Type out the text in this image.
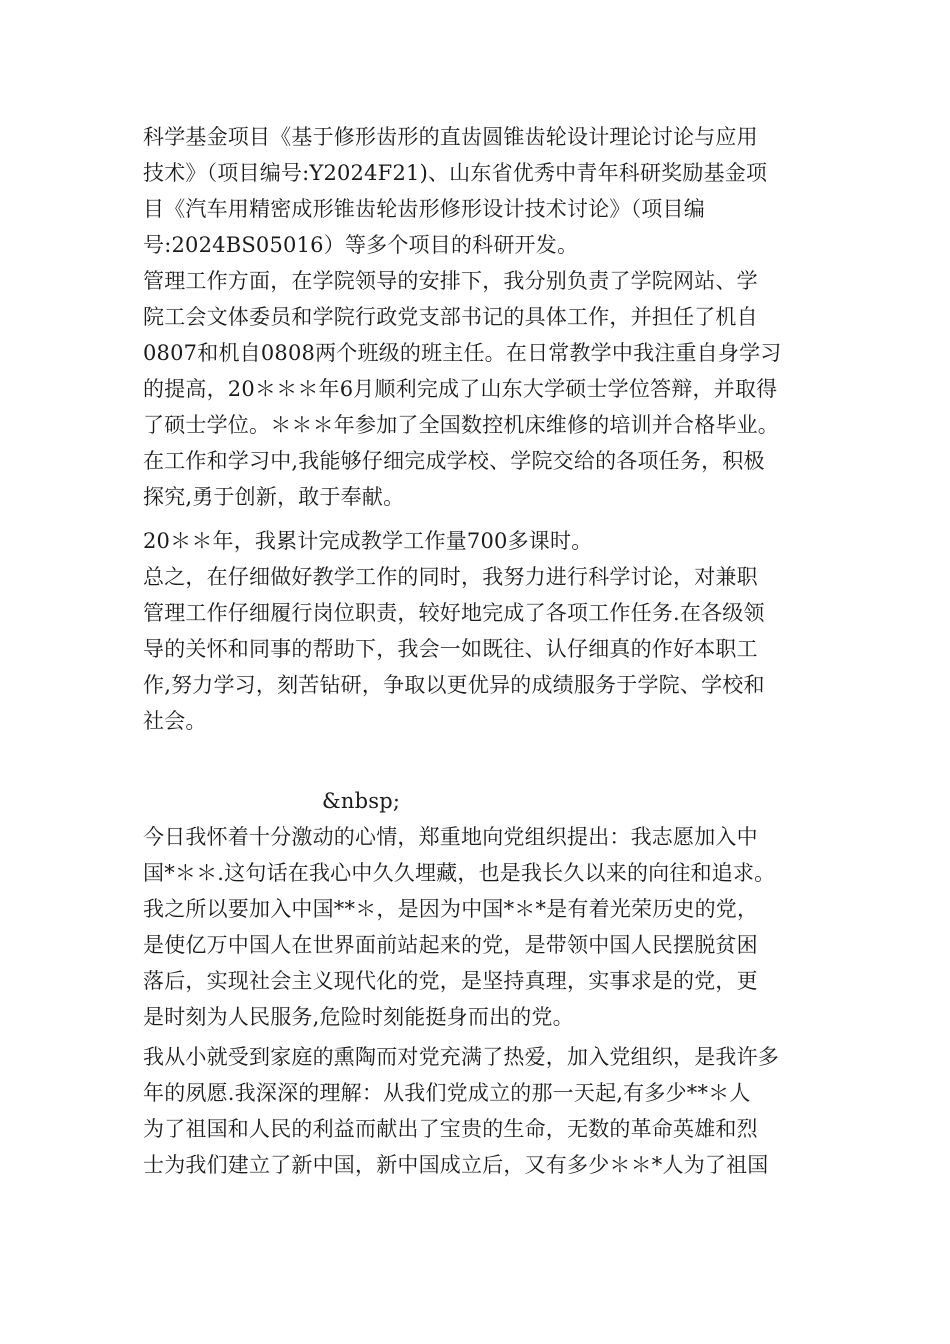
科学基金项目《基于修形齿形的直齿圆锥齿轮设计理论讨论与应用
技术》（项目编号:Y2024F21)、山东省优秀中青年科研奖励基金项
目《汽车用精密成形锥齿轮齿形修形设计技术讨论》（项目编
号:2024BS05016）等多个项目的科研开发。
管理工作方面，在学院领导的安排下，我分别负责了学院网站、学
院工会文体委员和学院行政党支部书记的具体工作，并担任了机自
0807和机自0808两个班级的班主任。在日常教学中我注重自身学习
的提高，20＊＊＊年6月顺利完成了山东大学硕士学位答辩，并取得
了硕士学位。＊＊＊年参加了全国数控机床维修的培训并合格毕业。
在工作和学习中,我能够仔细完成学校、学院交给的各项任务，积极
探究,勇于创新，敢于奉献。
20＊＊年，我累计完成教学工作量700多课时。
总之，在仔细做好教学工作的同时，我努力进行科学讨论，对兼职
管理工作仔细履行岗位职责，较好地完成了各项工作任务.在各级领
导的关怀和同事的帮助下，我会一如既往、认仔细真的作好本职工
作,努力学习，刻苦钻研，争取以更优异的成绩服务于学院、学校和
社会。
&nbsp;
今日我怀着十分激动的心情，郑重地向党组织提出：我志愿加入中
国*＊＊.这句话在我心中久久埋藏，也是我长久以来的向往和追求。
我之所以要加入中国**＊，是因为中国*＊*是有着光荣历史的党，
是使亿万中国人在世界面前站起来的党，是带领中国人民摆脱贫困
落后，实现社会主义现代化的党，是坚持真理，实事求是的党，更
是时刻为人民服务,危险时刻能挺身而出的党。
我从小就受到家庭的熏陶而对党充满了热爱，加入党组织，是我许多
年的夙愿.我深深的理解：从我们党成立的那一天起,有多少**＊人
为了祖国和人民的利益而献出了宝贵的生命，无数的革命英雄和烈
士为我们建立了新中国，新中国成立后，又有多少＊＊*人为了祖国
